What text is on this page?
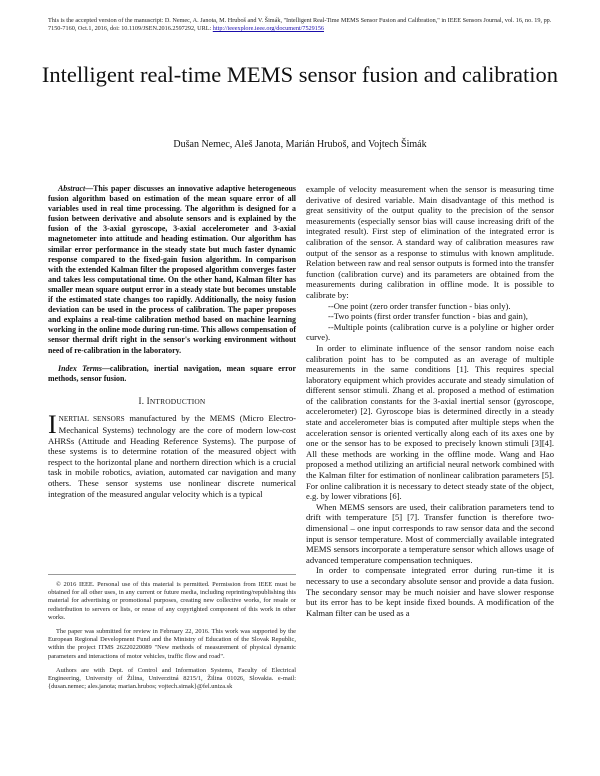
This is the accepted version of the manuscript: D. Nemec, A. Janota, M. Hruboš and V. Šimák, "Intelligent Real-Time MEMS Sensor Fusion and Calibration," in IEEE Sensors Journal, vol. 16, no. 19, pp. 7150-7160, Oct.1, 2016, doi: 10.1109/JSEN.2016.2597292, URL: http://ieeexplore.ieee.org/document/7529156
Intelligent real-time MEMS sensor fusion and calibration
Dušan Nemec, Aleš Janota, Marián Hruboš, and Vojtech Šimák

Abstract—This paper discusses an innovative adaptive heterogeneous fusion algorithm based on estimation of the mean square error of all variables used in real time processing. The algorithm is designed for a fusion between derivative and absolute sensors and is explained by the fusion of the 3-axial gyroscope, 3-axial accelerometer and 3-axial magnetometer into attitude and heading estimation. Our algorithm has similar error performance in the steady state but much faster dynamic response compared to the fixed-gain fusion algorithm. In comparison with the extended Kalman filter the proposed algorithm converges faster and takes less computational time. On the other hand, Kalman filter has smaller mean square output error in a steady state but becomes unstable if the estimated state changes too rapidly. Additionally, the noisy fusion deviation can be used in the process of calibration. The paper proposes and explains a real-time calibration method based on machine learning working in the online mode during run-time. This allows compensation of sensor thermal drift right in the sensor's working environment without need of re-calibration in the laboratory.

Index Terms—calibration, inertial navigation, mean square error methods, sensor fusion.

I. INTRODUCTION

INERTIAL SENSORS manufactured by the MEMS (Micro Electro-Mechanical Systems) technology are the core of modern low-cost AHRSs (Attitude and Heading Reference Systems). The purpose of these systems is to determine rotation of the measured object with respect to the horizontal plane and northern direction which is a crucial task in mobile robotics, aviation, automated car navigation and many others. These sensor systems use nonlinear discrete numerical integration of the measured angular velocity which is a typical

© 2016 IEEE. Personal use of this material is permitted. Permission from IEEE must be obtained for all other uses, in any current or future media, including reprinting/republishing this material for advertising or promotional purposes, creating new collective works, for resale or redistribution to servers or lists, or reuse of any copyrighted component of this work in other works.

The paper was submitted for review in February 22, 2016. This work was supported by the European Regional Development Fund and the Ministry of Education of the Slovak Republic, within the project ITMS 26220220089 "New methods of measurement of physical dynamic parameters and interactions of motor vehicles, traffic flow and road".

Authors are with Dept. of Control and Information Systems, Faculty of Electrical Engineering, University of Žilina, Univerzitná 8215/1, Žilina 01026, Slovakia. e-mail: {dusan.nemec; ales.janota; marian.hrubos; vojtech.simak}@fel.uniza.sk

example of velocity measurement when the sensor is measuring time derivative of desired variable. Main disadvantage of this method is great sensitivity of the output quality to the precision of the sensor measurements (especially sensor bias will cause increasing drift of the integrated result). First step of elimination of the integrated error is calibration of the sensor. A standard way of calibration measures raw output of the sensor as a response to stimulus with known amplitude. Relation between raw and real sensor outputs is formed into the transfer function (calibration curve) and its parameters are obtained from the measurements during calibration in offline mode. It is possible to calibrate by:

--One point (zero order transfer function - bias only).

--Two points (first order transfer function - bias and gain),

--Multiple points (calibration curve is a polyline or higher order curve).

In order to eliminate influence of the sensor random noise each calibration point has to be computed as an average of multiple measurements in the same conditions [1]. This requires special laboratory equipment which provides accurate and steady simulation of different sensor stimuli. Zhang et al. proposed a method of estimation of the calibration constants for the 3-axial inertial sensor (gyroscope, accelerometer) [2]. Gyroscope bias is determined directly in a steady state and accelerometer bias is computed after multiple steps when the acceleration sensor is oriented vertically along each of its axes one by one or the sensor has to be exposed to precisely known stimuli [3][4]. All these methods are working in the offline mode. Wang and Hao proposed a method utilizing an artificial neural network combined with the Kalman filter for estimation of nonlinear calibration parameters [5]. For online calibration it is necessary to detect steady state of the object, e.g. by lower vibrations [6].

When MEMS sensors are used, their calibration parameters tend to drift with temperature [5] [7]. Transfer function is therefore two-dimensional – one input corresponds to raw sensor data and the second input is sensor temperature. Most of commercially available integrated MEMS sensors incorporate a temperature sensor which allows usage of advanced temperature compensation techniques.

In order to compensate integrated error during run-time it is necessary to use a secondary absolute sensor and provide a data fusion. The secondary sensor may be much noisier and have slower response but its error has to be kept inside fixed bounds. A modification of the Kalman filter can be used as a
